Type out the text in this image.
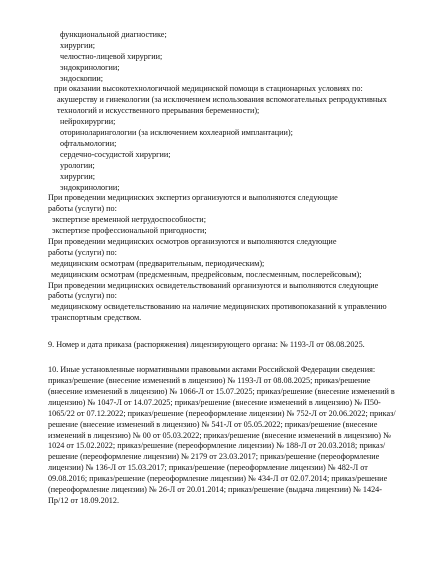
функциональной диагностике;
хирургии;
челюстно-лицевой хирургии;
эндокринологии;
эндоскопии;
при оказании высокотехнологичной медицинской помощи в стационарных условиях по:
акушерству и гинекологии (за исключением использования вспомогательных репродуктивных технологий и искусственного прерывания беременности);
нейрохирургии;
оториноларингологии (за исключением кохлеарной имплантации);
офтальмологии;
сердечно-сосудистой хирургии;
урологии;
хирургии;
эндокринологии;
При проведении медицинских экспертиз организуются и выполняются следующие работы (услуги) по:
экспертизе временной нетрудоспособности;
экспертизе профессиональной пригодности;
При проведении медицинских осмотров организуются и выполняются следующие работы (услуги) по:
медицинским осмотрам (предварительным, периодическим);
медицинским осмотрам (предсменным, предрейсовым, послесменным, послерейсовым);
При проведении медицинских освидетельствований организуются и выполняются следующие работы (услуги) по:
медицинскому освидетельствованию на наличие медицинских противопоказаний к управлению транспортным средством.
9. Номер и дата приказа (распоряжения) лицензирующего органа: № 1193-Л от 08.08.2025.
10. Иные установленные нормативными правовыми актами Российской Федерации сведения:
приказ/решение (внесение изменений в лицензию) № 1193-Л от 08.08.2025; приказ/решение (внесение изменений в лицензию) № 1066-Л от 15.07.2025; приказ/решение (внесение изменений в лицензию) № 1047-Л от 14.07.2025; приказ/решение (внесение изменений в лицензию) № П50-1065/22 от 07.12.2022; приказ/решение (переоформление лицензии) № 752-Л от 20.06.2022; приказ/решение (внесение изменений в лицензию) № 541-Л от 05.05.2022; приказ/решение (внесение изменений в лицензию) № 00 от 05.03.2022; приказ/решение (внесение изменений в лицензию) № 1024 от 15.02.2022; приказ/решение (переоформление лицензии) № 188-Л от 20.03.2018; приказ/решение (переоформление лицензии) № 2179 от 23.03.2017; приказ/решение (переоформление лицензии) № 136-Л от 15.03.2017; приказ/решение (переоформление лицензии) № 482-Л от 09.08.2016; приказ/решение (переоформление лицензии) № 434-Л от 02.07.2014; приказ/решение (переоформление лицензии) № 26-Л от 20.01.2014; приказ/решение (выдача лицензии) № 1424-Пр/12 от 18.09.2012.
